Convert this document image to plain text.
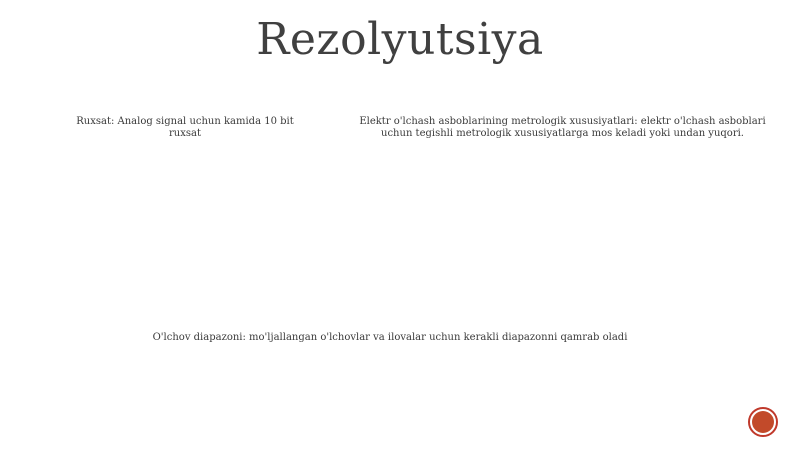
Rezolyutsiya
Ruxsat: Analog signal uchun kamida 10 bit ruxsat
Elektr o'lchash asboblarining metrologik xususiyatlari: elektr o'lchash asboblari uchun tegishli metrologik xususiyatlarga mos keladi yoki undan yuqori.
O'lchov diapazoni: mo'ljallangan o'lchovlar va ilovalar uchun kerakli diapazonni qamrab oladi
